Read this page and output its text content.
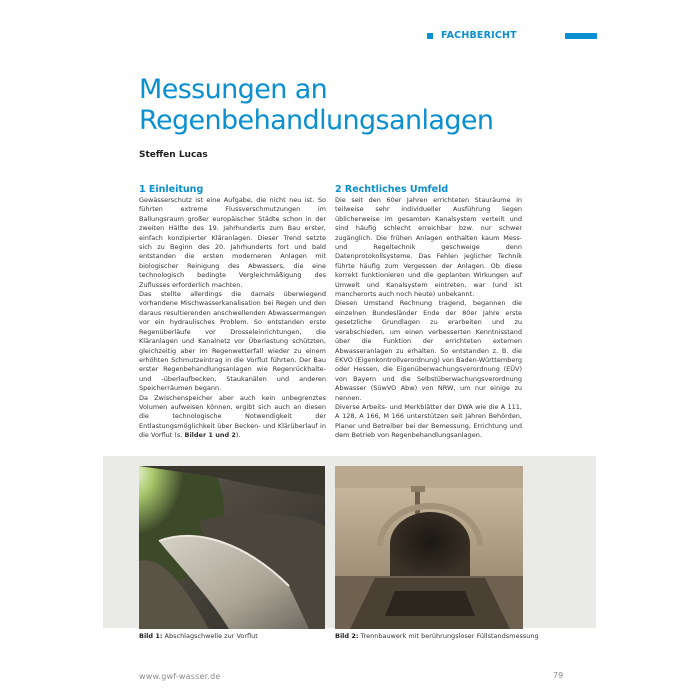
FACHBERICHT
Messungen an
Regenbehandlungsanlagen
Steffen Lucas
1 Einleitung

Gewässerschutz ist eine Aufgabe, die nicht neu ist. So führten extreme Flussverschmutzungen im Ballungsraum großer europäischer Städte schon in der zweiten Hälfte des 19. Jahrhunderts zum Bau erster, einfach konzipierter Kläranlagen. Dieser Trend setzte sich zu Beginn des 20. Jahrhunderts fort und bald entstanden die ersten moderneren Anlagen mit biologischer Reinigung des Abwassers, die eine technologisch bedingte Vergleichmäßigung des Zuflusses erforderlich machten.

Das stellte allerdings die damals überwiegend vorhandene Mischwasserkanalisation bei Regen und den daraus resultierenden anschwellenden Abwassermengen vor ein hydraulisches Problem. So entstanden erste Regenüberläufe vor Drosseleinrichtungen, die Kläranlagen und Kanalnetz vor Überlastung schützten, gleichzeitig aber im Regenwetterfall wieder zu einem erhöhten Schmutzeintrag in die Vorflut führten. Der Bau erster Regenbehandlungsanlagen wie Regenrückhalte- und -überlaufbecken, Staukanälen und anderen Speicherräumen begann.

Da Zwischenspeicher aber auch kein unbegrenztes Volumen aufweisen können, ergibt sich auch an diesen die technologische Notwendigkeit der Entlastungsmöglichkeit über Becken- und Klärüberlauf in die Vorflut (s. Bilder 1 und 2).

2 Rechtliches Umfeld

Die seit den 60er Jahren errichteten Stauräume in teilweise sehr individueller Ausführung liegen üblicherweise im gesamten Kanalsystem verteilt und sind häufig schlecht erreichbar bzw. nur schwer zugänglich. Die frühen Anlagen enthalten kaum Mess- und Regeltechnik geschweige denn Datenprotokollsysteme. Das Fehlen jeglicher Technik führte häufig zum Vergessen der Anlagen. Ob diese korrekt funktionieren und die geplanten Wirkungen auf Umwelt und Kanalsystem eintreten, war (und ist mancherorts auch noch heute) unbekannt.

Diesen Umstand Rechnung tragend, begannen die einzelnen Bundesländer Ende der 80er Jahre erste gesetzliche Grundlagen zu erarbeiten und zu verabschieden, um einen verbesserten Kenntnisstand über die Funktion der errichteten externen Abwasseranlagen zu erhalten. So entstanden z. B. die EKVO (Eigenkontrollverordnung) von Baden-Württemberg oder Hessen, die Eigenüberwachungsverordnung (EÜV) von Bayern und die Selbstüberwachungsverordnung Abwasser (SüwVO Abw) von NRW, um nur einige zu nennen.

Diverse Arbeits- und Merkblätter der DWA wie die A 111, A 128, A 166, M 166 unterstützen seit Jahren Behörden, Planer und Betreiber bei der Bemessung, Errichtung und dem Betrieb von Regenbehandlungsanlagen.

Bild 1: Abschlagschwelle zur Vorflut	Bild 2: Trennbauwerk mit berührungsloser Füllstandsmessung
www.gwf-wasser.de	79
